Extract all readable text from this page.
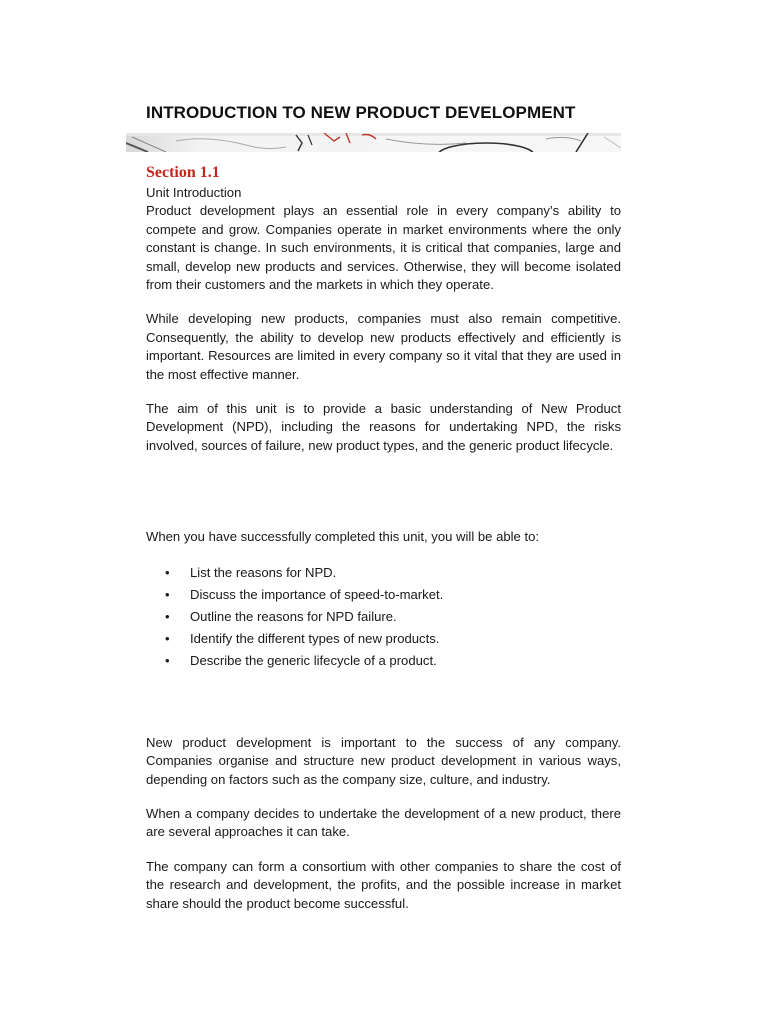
INTRODUCTION TO NEW PRODUCT DEVELOPMENT
Section 1.1

Unit Introduction

Product development plays an essential role in every company’s ability to compete and grow. Companies operate in market environments where the only constant is change. In such environments, it is critical that companies, large and small, develop new products and services. Otherwise, they will become isolated from their customers and the markets in which they operate.

While developing new products, companies must also remain competitive. Consequently, the ability to develop new products effectively and efficiently is important. Resources are limited in every company so it vital that they are used in the most effective manner.

The aim of this unit is to provide a basic understanding of New Product Development (NPD), including the reasons for undertaking NPD, the risks involved, sources of failure, new product types, and the generic product lifecycle.

When you have successfully completed this unit, you will be able to:

• List the reasons for NPD.
• Discuss the importance of speed-to-market.
• Outline the reasons for NPD failure.
• Identify the different types of new products.
• Describe the generic lifecycle of a product.

New product development is important to the success of any company. Companies organise and structure new product development in various ways, depending on factors such as the company size, culture, and industry.

When a company decides to undertake the development of a new product, there are several approaches it can take.

The company can form a consortium with other companies to share the cost of the research and development, the profits, and the possible increase in market share should the product become successful.
